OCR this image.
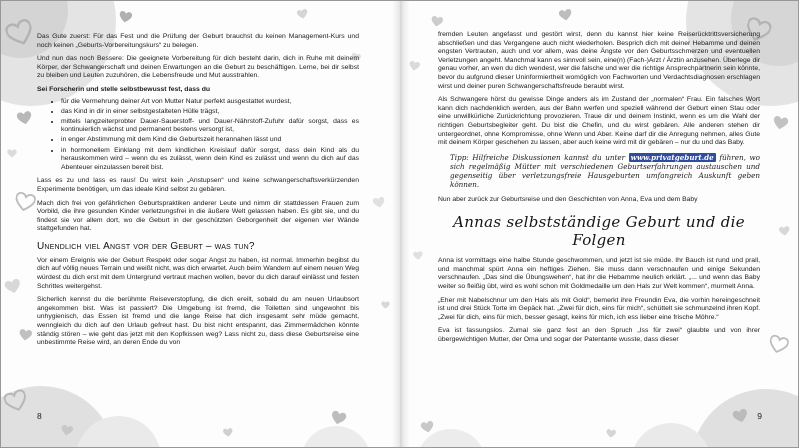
Das Gute zuerst: Für das Fest und die Prüfung der Geburt brauchst du keinen Management-Kurs und noch keinen „Geburts-Vorbereitungskurs“ zu belegen.

Und nun das noch Bessere: Die geeignete Vorbereitung für dich besteht darin, dich in Ruhe mit deinem Körper, der Schwangerschaft und deinen Erwartungen an die Geburt zu beschäftigen. Lerne, bei dir selbst zu bleiben und Leuten zuzuhören, die Lebensfreude und Mut ausstrahlen.

Sei Forscherin und stelle selbstbewusst fest, dass du

• für die Vermehrung deiner Art von Mutter Natur perfekt ausgestattet wurdest,
• das Kind in dir in einer selbstgestalteten Hülle trägst,
• mittels langzeiterprobter Dauer-Sauerstoff- und Dauer-Nährstoff-Zufuhr dafür sorgst, dass es kontinuierlich wächst und permanent bestens versorgt ist,
• in enger Abstimmung mit dem Kind die Geburtszeit herannahen lässt und
• in hormonellem Einklang mit dem kindlichen Kreislauf dafür sorgst, dass dein Kind als du herauskommen wird – wenn du es zulässt, wenn dein Kind es zulässt und wenn du dich auf das Abenteuer einzulassen bereit bist.

Lass es zu und lass es raus! Du wirst kein „Anstupsen“ und keine schwangerschaftsverkürzenden Experimente benötigen, um das ideale Kind selbst zu gebären.

Mach dich frei von gefährlichen Geburtspraktiken anderer Leute und nimm dir stattdessen Frauen zum Vorbild, die ihre gesunden Kinder verletzungsfrei in die äußere Welt gelassen haben. Es gibt sie, und du findest sie vor allem dort, wo die Geburt in der geschützten Geborgenheit der eigenen vier Wände stattgefunden hat.

Unendlich viel Angst vor der Geburt – was tun?

Vor einem Ereignis wie der Geburt Respekt oder sogar Angst zu haben, ist normal. Immerhin begibst du dich auf völlig neues Terrain und weißt nicht, was dich erwartet. Auch beim Wandern auf einem neuen Weg würdest du dich erst mit dem Untergrund vertraut machen wollen, bevor du dich darauf einlässt und festen Schrittes weitergehst.

Sicherlich kennst du die berühmte Reiseverstopfung, die dich ereilt, sobald du am neuen Urlaubsort angekommen bist. Was ist passiert? Die Umgebung ist fremd, die Toiletten sind ungewohnt bis unhygienisch, das Essen ist fremd und die lange Reise hat dich insgesamt sehr müde gemacht, wenngleich du dich auf den Urlaub gefreut hast. Du bist nicht entspannt, das Zimmermädchen könnte ständig stören – wie geht das jetzt mit den Kopfkissen weg? Lass nicht zu, dass diese Geburtsreise eine unbestimmte Reise wird, an deren Ende du von

8

fremden Leuten angefasst und gestört wirst, denn du kannst hier keine Reiserücktrittsversicherung abschließen und das Vergangene auch nicht wiederholen. Besprich dich mit deiner Hebamme und deinen engsten Vertrauten, auch und vor allem, was deine Ängste vor den Geburtsschmerzen und eventuellen Verletzungen angeht. Manchmal kann es sinnvoll sein, eine(n) (Fach-)Arzt / Ärztin anzusehen. Überlege dir genau vorher, an wen du dich wendest, wer die falsche und wer die richtige Ansprechpartnerin sein könnte, bevor du aufgrund dieser Uninformiertheit womöglich von Fachworten und Verdachtsdiagnosen erschlagen wirst und deiner puren Schwangerschaftsfreude beraubt wirst.

Als Schwangere hörst du gewisse Dinge anders als im Zustand der „normalen“ Frau. Ein falsches Wort kann dich nachdenklich werden, aus der Bahn werfen und speziell während der Geburt einen Stau oder eine unwillkürliche Zurückrichtung provozieren. Traue dir und deinem Instinkt, wenn es um die Wahl der richtigen Geburtsbegleiter geht. Du bist die Chefin, und du wirst gebären. Alle anderen stehen dir untergeordnet, ohne Kompromisse, ohne Wenn und Aber. Keine darf dir die Anregung nehmen, alles Gute mit deinem Körper geschehen zu lassen, aber auch keine wird mit dir gebären – nur du und das Baby.

Tipp: Hilfreiche Diskussionen kannst du unter www.privatgeburt.de führen, wo sich regelmäßig Mütter mit verschiedenen Geburtserfahrungen austauschen und gegenseitig über verletzungsfreie Hausgeburten umfangreich Auskunft geben können.

Nun aber zurück zur Geburtsreise und den Geschichten von Anna, Eva und dem Baby

Annas selbstständige Geburt und die Folgen

Anna ist vormittags eine halbe Stunde geschwommen, und jetzt ist sie müde. Ihr Bauch ist rund und prall, und manchmal spürt Anna ein heftiges Ziehen. Sie muss dann verschnaufen und einige Sekunden verschnaufen. „Das sind die Übungswehen“, hat ihr die Hebamme neulich erklärt. „... und wenn das Baby weiter so fleißig übt, wird es wohl schon mit Goldmedaille um den Hals zur Welt kommen“, murmelt Anna.

„Eher mit Nabelschnur um den Hals als mit Gold“, bemerkt ihre Freundin Eva, die vorhin hereingeschneit ist und drei Stück Torte im Gepäck hat. „Zwei für dich, eins für mich“, schüttelt sie schmunzelnd ihren Kopf. „Zwei für dich, eins für mich, besser gesagt, keins für mich, ich ess lieber eine frische Möhre.“

Eva ist fassungslos. Zumal sie ganz fest an den Spruch „Iss für zwei“ glaubte und von ihrer übergewichtigen Mutter, der Oma und sogar der Patentante wusste, dass dieser

9
